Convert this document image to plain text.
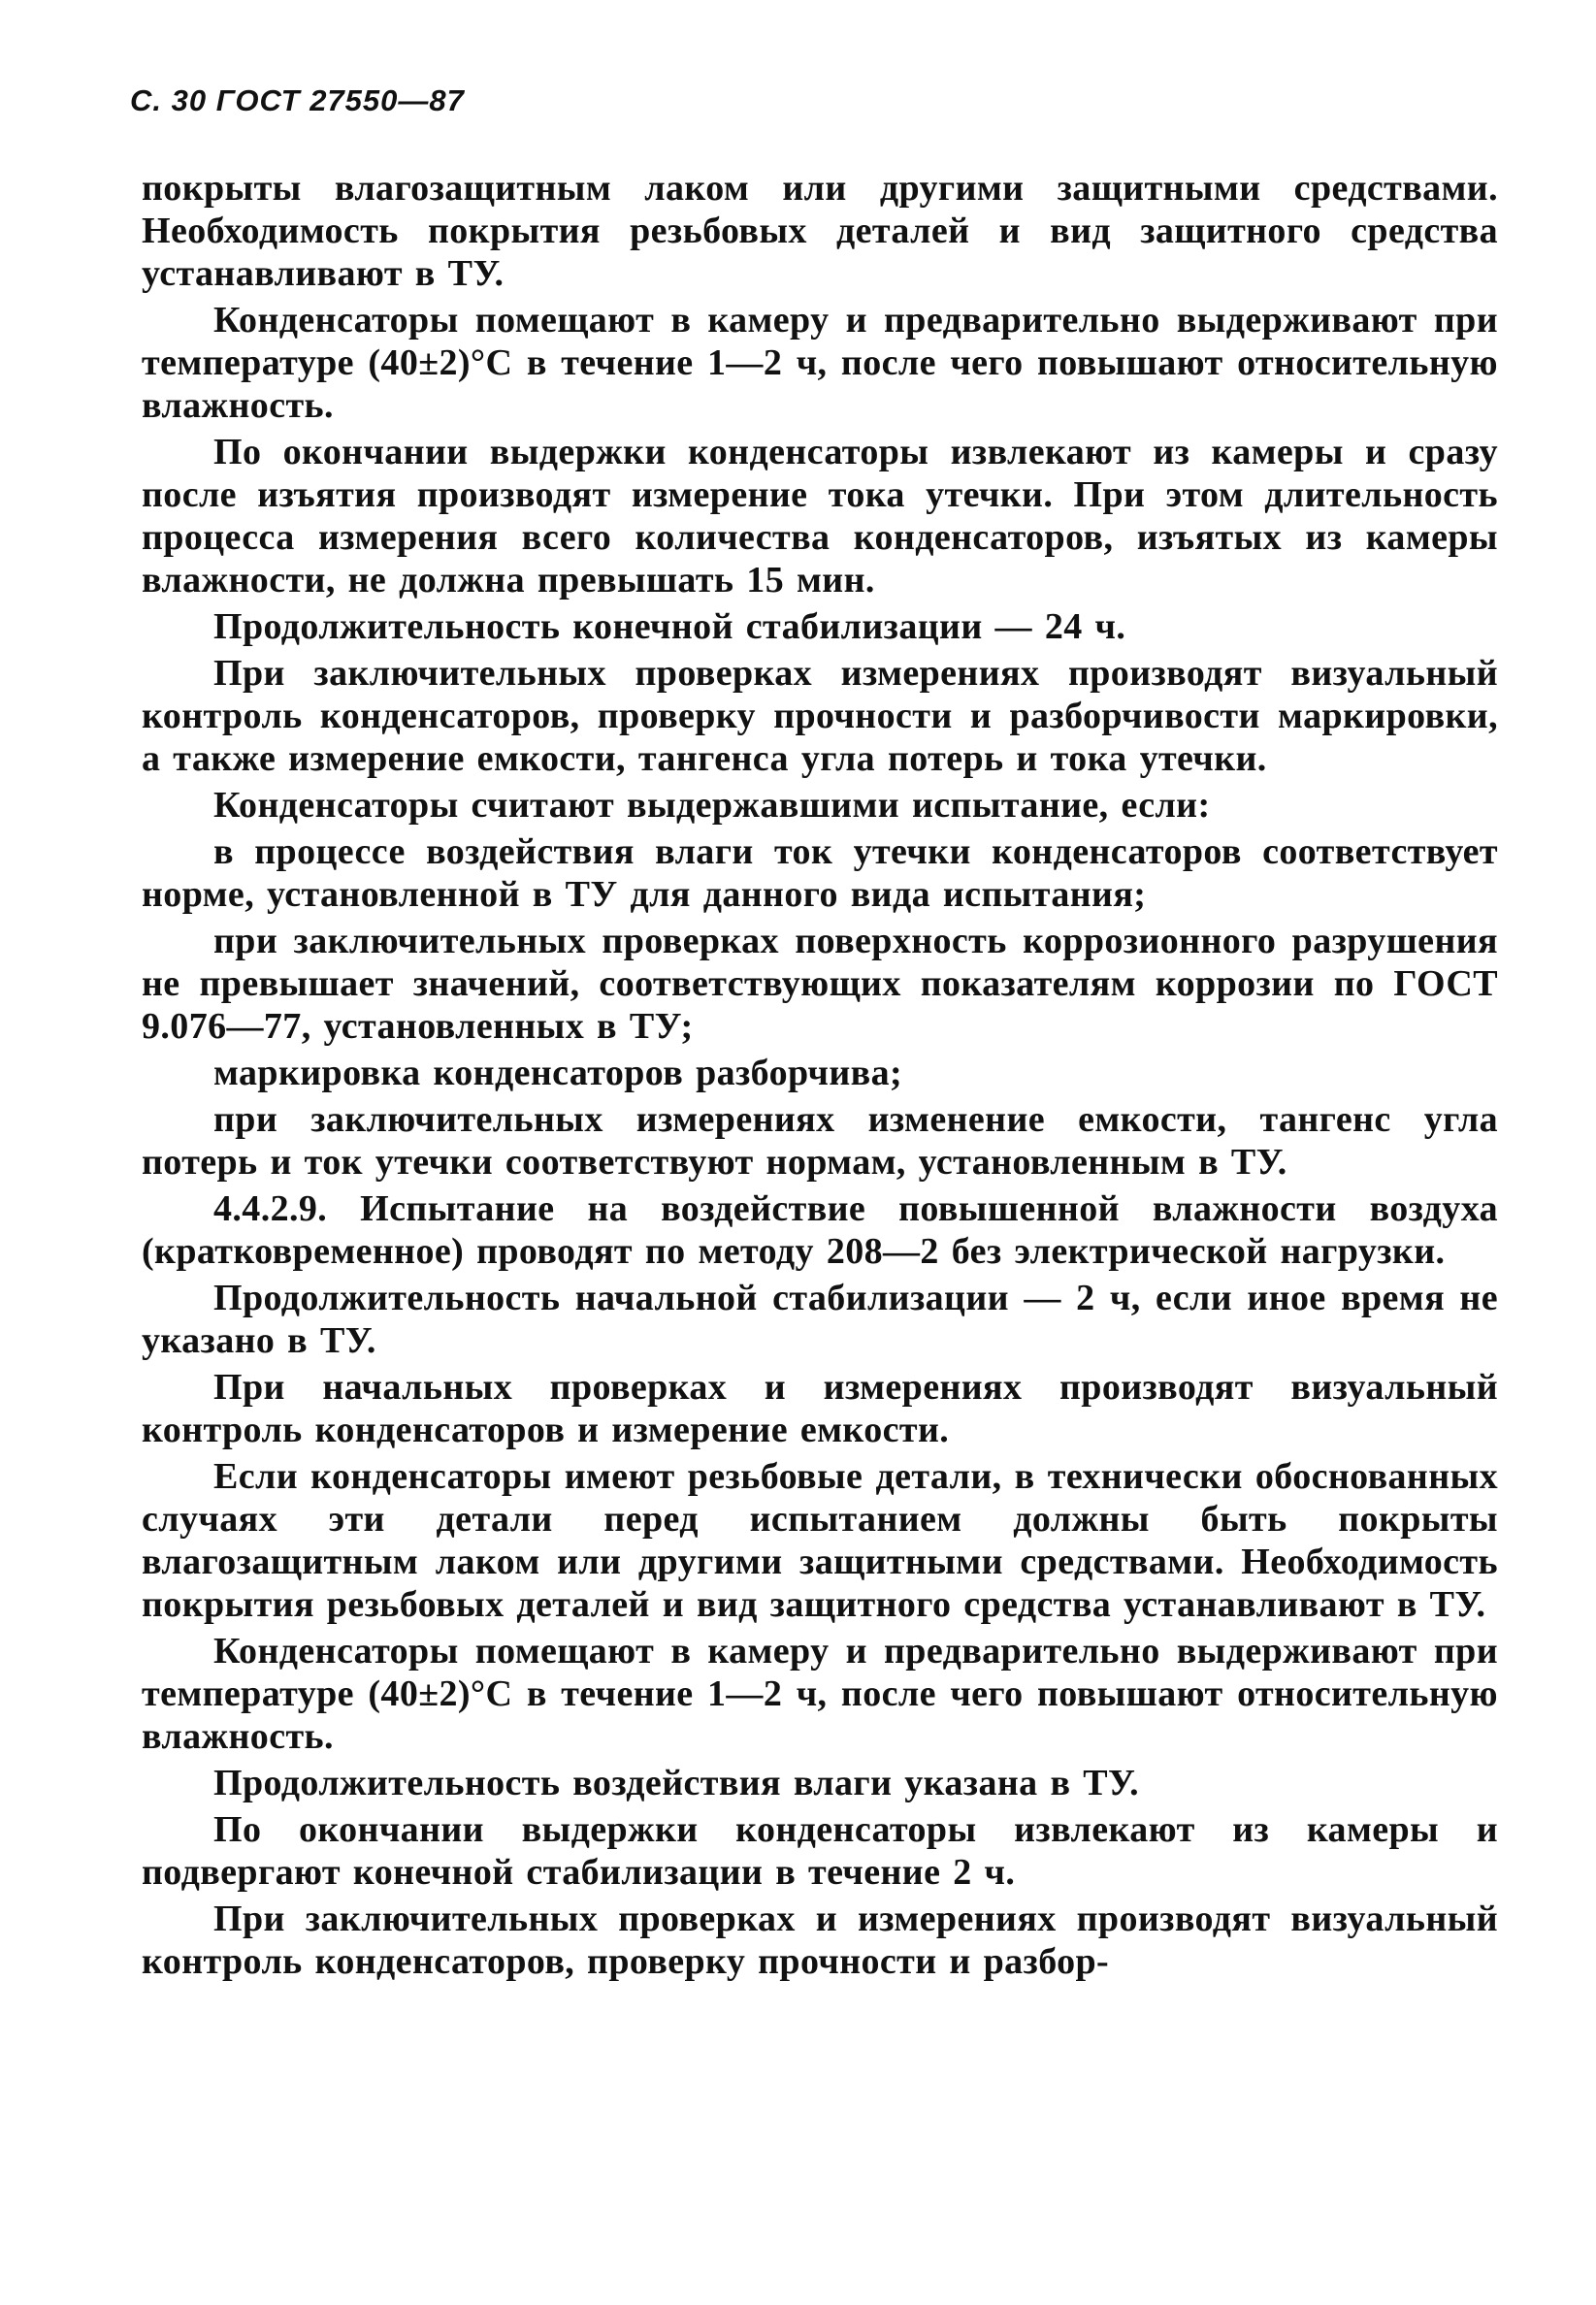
С. 30 ГОСТ 27550—87

покрыты влагозащитным лаком или другими защитными средствами. Необходимость покрытия резьбовых деталей и вид защитного средства устанавливают в ТУ.

Конденсаторы помещают в камеру и предварительно выдерживают при температуре (40±2)°С в течение 1—2 ч, после чего повышают относительную влажность.

По окончании выдержки конденсаторы извлекают из камеры и сразу после изъятия производят измерение тока утечки. При этом длительность процесса измерения всего количества конденсаторов, изъятых из камеры влажности, не должна превышать 15 мин.

Продолжительность конечной стабилизации — 24 ч.

При заключительных проверках измерениях производят визуальный контроль конденсаторов, проверку прочности и разборчивости маркировки, а также измерение емкости, тангенса угла потерь и тока утечки.

Конденсаторы считают выдержавшими испытание, если:

в процессе воздействия влаги ток утечки конденсаторов соответствует норме, установленной в ТУ для данного вида испытания;

при заключительных проверках поверхность коррозионного разрушения не превышает значений, соответствующих показателям коррозии по ГОСТ 9.076—77, установленных в ТУ;

маркировка конденсаторов разборчива;

при заключительных измерениях изменение емкости, тангенс угла потерь и ток утечки соответствуют нормам, установленным в ТУ.

4.4.2.9. Испытание на воздействие повышенной влажности воздуха (кратковременное) проводят по методу 208—2 без электрической нагрузки.

Продолжительность начальной стабилизации — 2 ч, если иное время не указано в ТУ.

При начальных проверках и измерениях производят визуальный контроль конденсаторов и измерение емкости.

Если конденсаторы имеют резьбовые детали, в технически обоснованных случаях эти детали перед испытанием должны быть покрыты влагозащитным лаком или другими защитными средствами. Необходимость покрытия резьбовых деталей и вид защитного средства устанавливают в ТУ.

Конденсаторы помещают в камеру и предварительно выдерживают при температуре (40±2)°С в течение 1—2 ч, после чего повышают относительную влажность.

Продолжительность воздействия влаги указана в ТУ.

По окончании выдержки конденсаторы извлекают из камеры и подвергают конечной стабилизации в течение 2 ч.

При заключительных проверках и измерениях производят визуальный контроль конденсаторов, проверку прочности и разбор-
